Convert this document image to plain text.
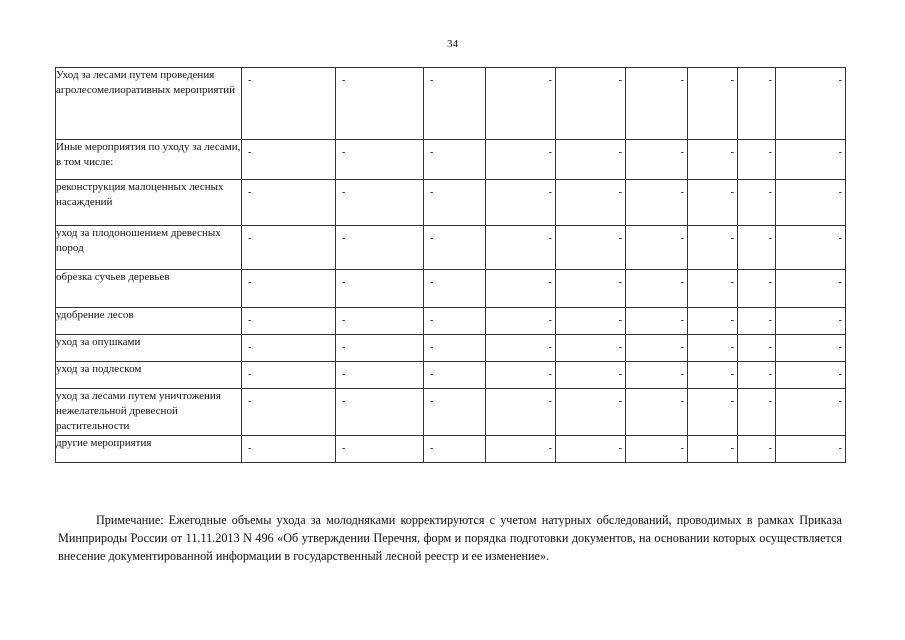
34
Уход за лесами путем проведения агролесомелиоративных мероприятий	-	-	-	-	-	-	-	-	-

Иные мероприятия по уходу за лесами, в том числе:	-	-	-	-	-	-	-	-	-

реконструкция малоценных лесных насаждений	-	-	-	-	-	-	-	-	-

уход за плодоношением древесных пород	-	-	-	-	-	-	-	-	-

обрезка сучьев деревьев	-	-	-	-	-	-	-	-	-

удобрение лесов	-	-	-	-	-	-	-	-	-

уход за опушками	-	-	-	-	-	-	-	-	-

уход за подлеском	-	-	-	-	-	-	-	-	-

уход за лесами путем уничтожения нежелательной древесной растительности	-	-	-	-	-	-	-	-	-

другие мероприятия	-	-	-	-	-	-	-	-	-

Примечание: Ежегодные объемы ухода за молодняками корректируются с учетом натурных обследований, проводимых в рамках Приказа Минприроды России от 11.11.2013 N 496 «Об утверждении Перечня, форм и порядка подготовки документов, на основании которых осуществляется внесение документированной информации в государственный лесной реестр и ее изменение».
